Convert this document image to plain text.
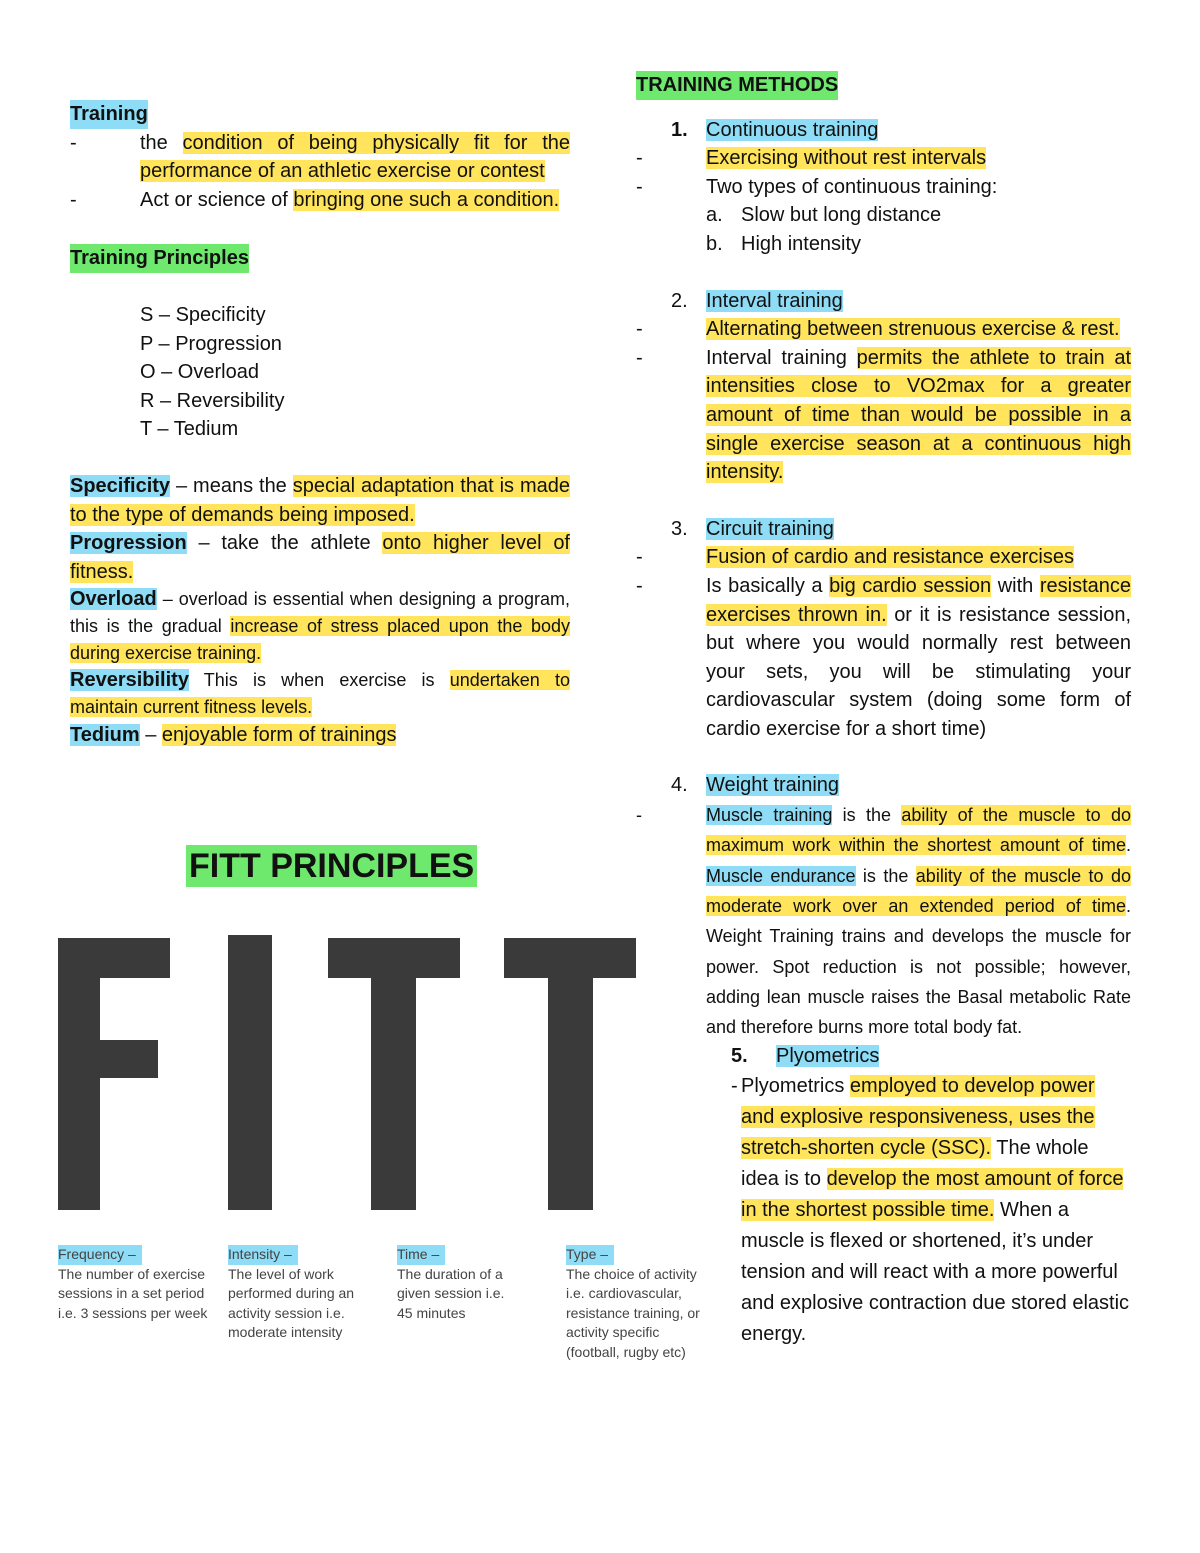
Training

-	the condition of being physically fit for the performance of an athletic exercise or contest
-	Act or science of bringing one such a condition.

Training Principles

S – Specificity

P – Progression

O – Overload

R – Reversibility

T – Tedium

Specificity – means the special adaptation that is made to the type of demands being imposed.

Progression – take the athlete onto higher level of fitness.

Overload – overload is essential when designing a program, this is the gradual increase of stress placed upon the body during exercise training.

Reversibility This is when exercise is undertaken to maintain current fitness levels.

Tedium – enjoyable form of trainings

FITT PRINCIPLES
Frequency –
The number of exercise sessions in a set period i.e. 3 sessions per week
Intensity –
The level of work performed during an activity session i.e. moderate intensity
Time –
The duration of a given session i.e. 45 minutes
Type –
The choice of activity i.e. cardiovascular, resistance training, or activity specific (football, rugby etc)

TRAINING METHODS

1. Continuous training
-	Exercising without rest intervals
-	Two types of continuous training:
a. Slow but long distance
b. High intensity
2. Interval training
-	Alternating between strenuous exercise & rest.
-	Interval training permits the athlete to train at intensities close to VO2max for a greater amount of time than would be possible in a single exercise season at a continuous high intensity.
3. Circuit training
-	Fusion of cardio and resistance exercises
-	Is basically a big cardio session with resistance exercises thrown in. or it is resistance session, but where you would normally rest between your sets, you will be stimulating your cardiovascular system (doing some form of cardio exercise for a short time)
4. Weight training
-	Muscle training is the ability of the muscle to do maximum work within the shortest amount of time. Muscle endurance is the ability of the muscle to do moderate work over an extended period of time. Weight Training trains and develops the muscle for power. Spot reduction is not possible; however, adding lean muscle raises the Basal metabolic Rate and therefore burns more total body fat.
5.	Plyometrics
- Plyometrics employed to develop power and explosive responsiveness, uses the stretch-shorten cycle (SSC). The whole idea is to develop the most amount of force in the shortest possible time. When a muscle is flexed or shortened, it’s under tension and will react with a more powerful and explosive contraction due stored elastic energy.
